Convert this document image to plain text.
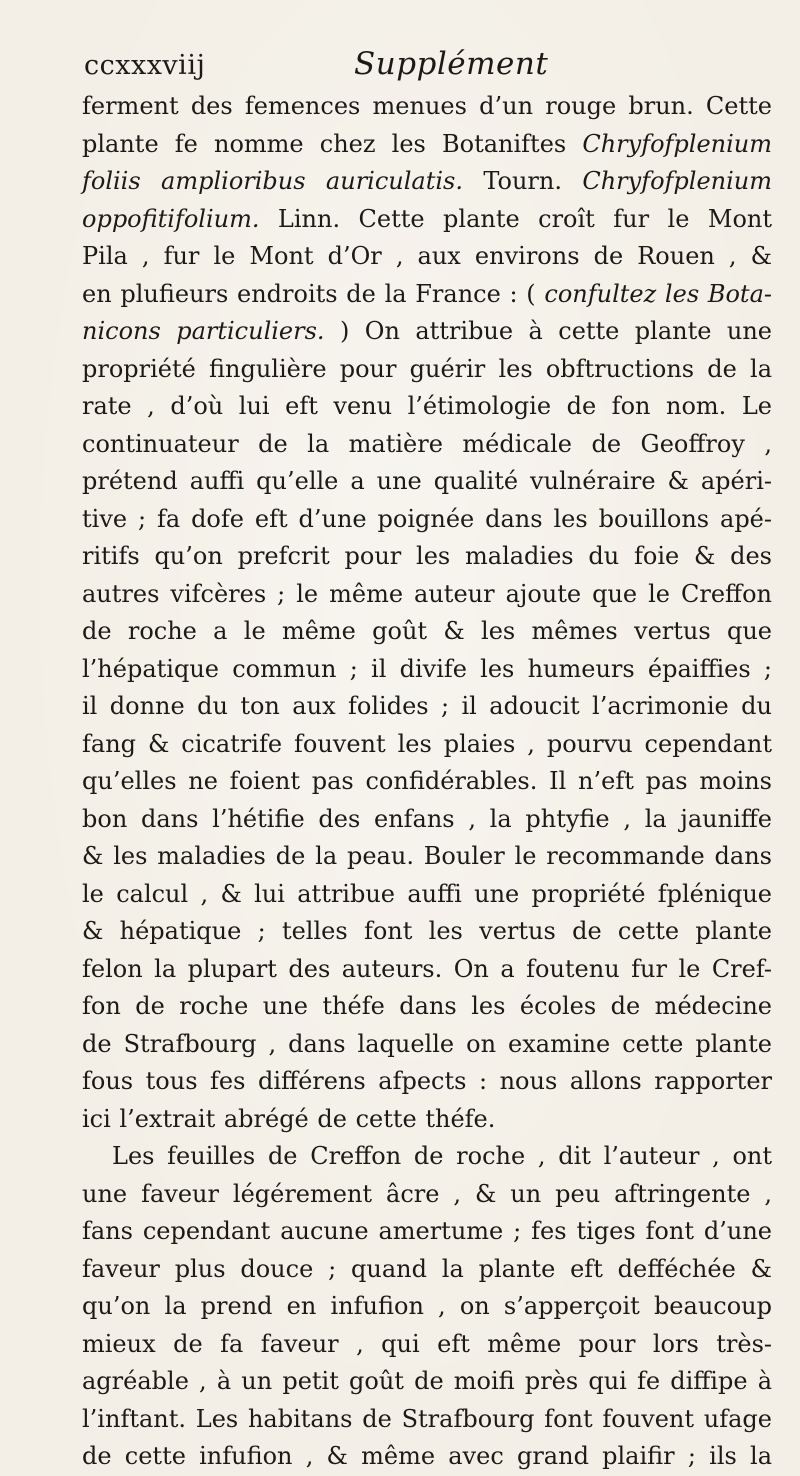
ccxxxviij	Supplément
ferment des femences menues d’un rouge brun. Cette
plante fe nomme chez les Botaniftes Chryfofplenium
foliis amplioribus auriculatis. Tourn. Chryfofplenium
oppofitifolium. Linn. Cette plante croît fur le Mont
Pila , fur le Mont d’Or , aux environs de Rouen , &
en plufieurs endroits de la France : ( confultez les Bota-
nicons particuliers. ) On attribue à cette plante une
propriété fingulière pour guérir les obftructions de la
rate , d’où lui eft venu l’étimologie de fon nom. Le
continuateur de la matière médicale de Geoffroy ,
prétend auffi qu’elle a une qualité vulnéraire & apéri-
tive ; fa dofe eft d’une poignée dans les bouillons apé-
ritifs qu’on prefcrit pour les maladies du foie & des
autres vifcères ; le même auteur ajoute que le Creffon
de roche a le même goût & les mêmes vertus que
l’hépatique commun ; il divife les humeurs épaiffies ;
il donne du ton aux folides ; il adoucit l’acrimonie du
fang & cicatrife fouvent les plaies , pourvu cependant
qu’elles ne foient pas confidérables. Il n’eft pas moins
bon dans l’hétifie des enfans , la phtyfie , la jauniffe
& les maladies de la peau. Bouler le recommande dans
le calcul , & lui attribue auffi une propriété fplénique
& hépatique ; telles font les vertus de cette plante
felon la plupart des auteurs. On a foutenu fur le Cref-
fon de roche une théfe dans les écoles de médecine
de Strafbourg , dans laquelle on examine cette plante
fous tous fes différens afpects : nous allons rapporter
ici l’extrait abrégé de cette théfe.
Les feuilles de Creffon de roche , dit l’auteur , ont
une faveur légérement âcre , & un peu aftringente ,
fans cependant aucune amertume ; fes tiges font d’une
faveur plus douce ; quand la plante eft defféchée &
qu’on la prend en infufion , on s’apperçoit beaucoup
mieux de fa faveur , qui eft même pour lors très-
agréable , à un petit goût de moifi près qui fe diffipe à
l’inftant. Les habitans de Strafbourg font fouvent ufage
de cette infufion , & même avec grand plaifir ; ils la
